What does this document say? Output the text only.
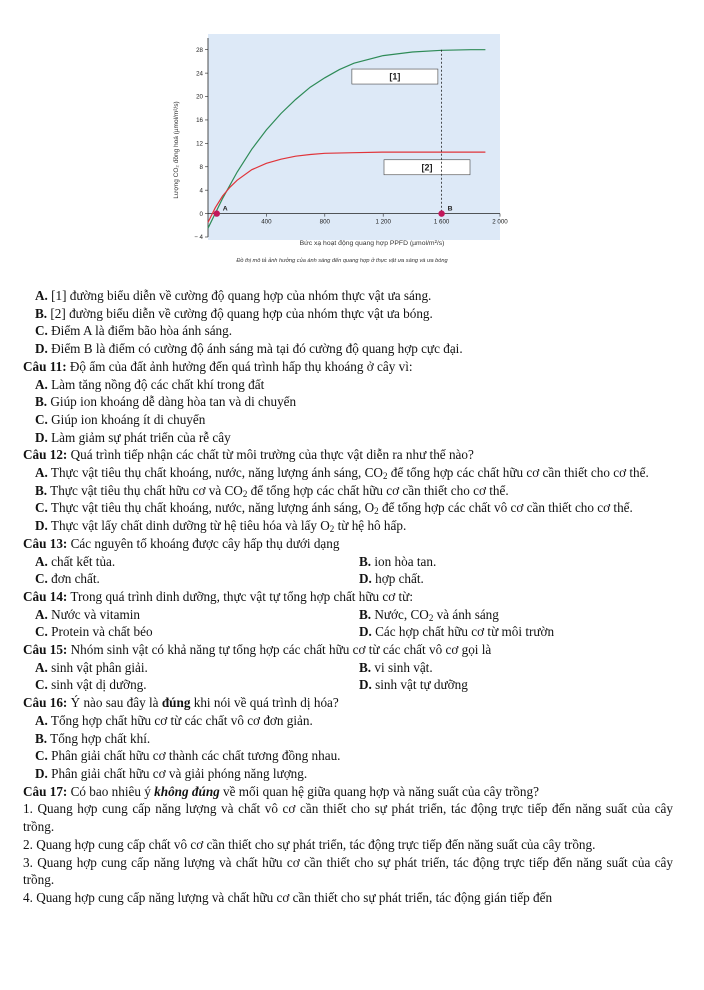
28
24
20
16
12
8
4
0
− 4
400	800	1 200	1 600	2 000
[1]
[2]
A	B
Lượng CO₂ đồng hoá (µmol/m²/s)
Bức xạ hoạt động quang hợp PPFD (µmol/m²/s)
Đồ thị mô tả ảnh hưởng của ánh sáng đến quang hợp ở thực vật ưa sáng và ưa bóng
A. [1] đường biểu diễn về cường độ quang hợp của nhóm thực vật ưa sáng.
B. [2] đường biểu diễn về cường độ quang hợp của nhóm thực vật ưa bóng.
C. Điểm A là điểm bão hòa ánh sáng.
D. Điểm B là điểm có cường độ ánh sáng mà tại đó cường độ quang hợp cực đại.
Câu 11: Độ ẩm của đất ảnh hưởng đến quá trình hấp thụ khoáng ở cây vì:
A. Làm tăng nồng độ các chất khí trong đất
B. Giúp ion khoáng dễ dàng hòa tan và di chuyển
C. Giúp ion khoáng ít di chuyển
D. Làm giảm sự phát triển của rễ cây
Câu 12: Quá trình tiếp nhận các chất từ môi trường của thực vật diễn ra như thế nào?
A. Thực vật tiêu thụ chất khoáng, nước, năng lượng ánh sáng, $CO_2$ để tổng hợp các chất hữu cơ cần thiết cho cơ thể.
B. Thực vật tiêu thụ chất hữu cơ và $CO_2$ để tổng hợp các chất hữu cơ cần thiết cho cơ thể.
C. Thực vật tiêu thụ chất khoáng, nước, năng lượng ánh sáng, $O_2$ để tổng hợp các chất vô cơ cần thiết cho cơ thể.
D. Thực vật lấy chất dinh dưỡng từ hệ tiêu hóa và lấy $O_2$ từ hệ hô hấp.
Câu 13: Các nguyên tố khoáng được cây hấp thụ dưới dạng
A. chất kết tủa.	B. ion hòa tan.
C. đơn chất.	D. hợp chất.
Câu 14: Trong quá trình dinh dưỡng, thực vật tự tổng hợp chất hữu cơ từ:
A. Nước và vitamin	B. Nước, $CO_2$ và ánh sáng
C. Protein và chất béo	D. Các hợp chất hữu cơ từ môi trườn
Câu 15: Nhóm sinh vật có khả năng tự tổng hợp các chất hữu cơ từ các chất vô cơ gọi là
A. sinh vật phân giải.	B. vi sinh vật.
C. sinh vật dị dưỡng.	D. sinh vật tự dưỡng
Câu 16: Ý nào sau đây là đúng khi nói về quá trình dị hóa?
A. Tổng hợp chất hữu cơ từ các chất vô cơ đơn giản.
B. Tổng hợp chất khí.
C. Phân giải chất hữu cơ thành các chất tương đồng nhau.
D. Phân giải chất hữu cơ và giải phóng năng lượng.
Câu 17: Có bao nhiêu ý không đúng về mối quan hệ giữa quang hợp và năng suất của cây trồng?
1. Quang hợp cung cấp năng lượng và chất vô cơ cần thiết cho sự phát triển, tác động trực tiếp đến năng suất của cây trồng.
2. Quang hợp cung cấp chất vô cơ cần thiết cho sự phát triển, tác động trực tiếp đến năng suất của cây trồng.
3. Quang hợp cung cấp năng lượng và chất hữu cơ cần thiết cho sự phát triển, tác động trực tiếp đến năng suất của cây trồng.
4. Quang hợp cung cấp năng lượng và chất hữu cơ cần thiết cho sự phát triển, tác động gián tiếp đến
